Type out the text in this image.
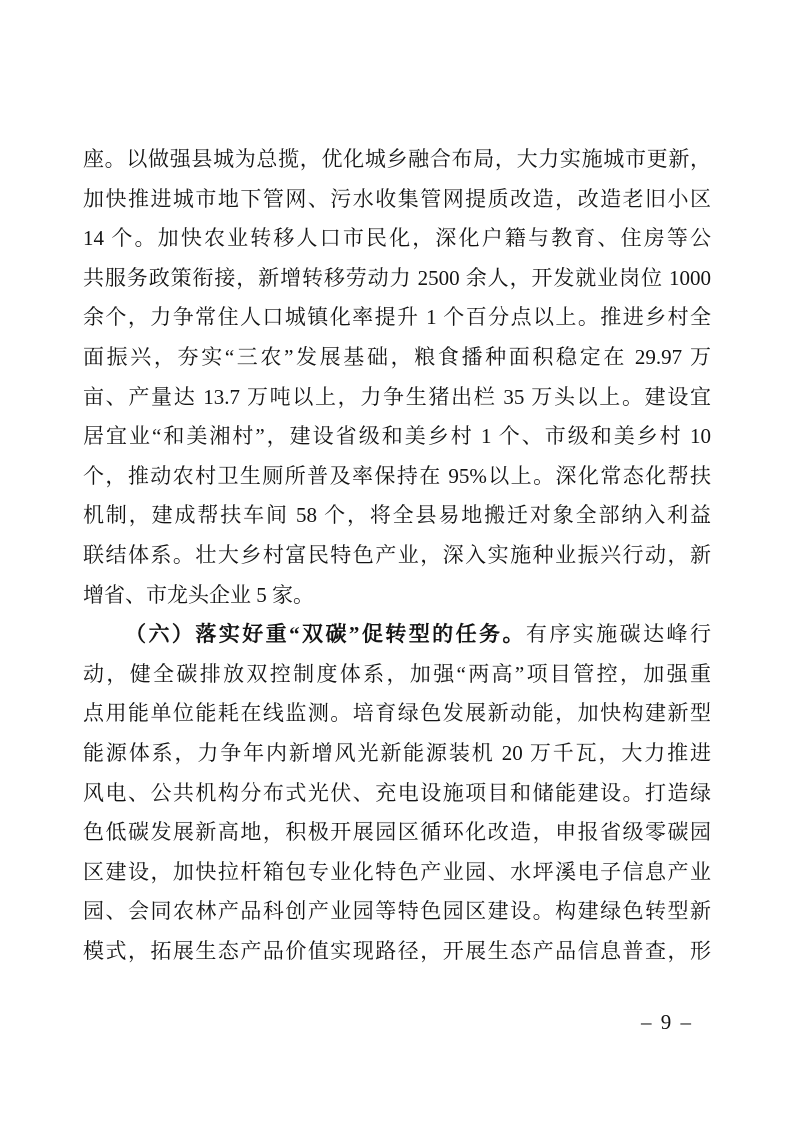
座。以做强县城为总揽，优化城乡融合布局，大力实施城市更新，

加快推进城市地下管网、污水收集管网提质改造，改造老旧小区

14 个。加快农业转移人口市民化，深化户籍与教育、住房等公

共服务政策衔接，新增转移劳动力 2500 余人，开发就业岗位 1000

余个，力争常住人口城镇化率提升 1 个百分点以上。推进乡村全

面振兴，夯实“三农”发展基础，粮食播种面积稳定在 29.97 万

亩、产量达 13.7 万吨以上，力争生猪出栏 35 万头以上。建设宜

居宜业“和美湘村”，建设省级和美乡村 1 个、市级和美乡村 10

个，推动农村卫生厕所普及率保持在 95%以上。深化常态化帮扶

机制，建成帮扶车间 58 个，将全县易地搬迁对象全部纳入利益

联结体系。壮大乡村富民特色产业，深入实施种业振兴行动，新

增省、市龙头企业 5 家。

（六）落实好重“双碳”促转型的任务。有序实施碳达峰行

动，健全碳排放双控制度体系，加强“两高”项目管控，加强重

点用能单位能耗在线监测。培育绿色发展新动能，加快构建新型

能源体系，力争年内新增风光新能源装机 20 万千瓦，大力推进

风电、公共机构分布式光伏、充电设施项目和储能建设。打造绿

色低碳发展新高地，积极开展园区循环化改造，申报省级零碳园

区建设，加快拉杆箱包专业化特色产业园、水坪溪电子信息产业

园、会同农林产品科创产业园等特色园区建设。构建绿色转型新

模式，拓展生态产品价值实现路径，开展生态产品信息普查，形

– 9 –
